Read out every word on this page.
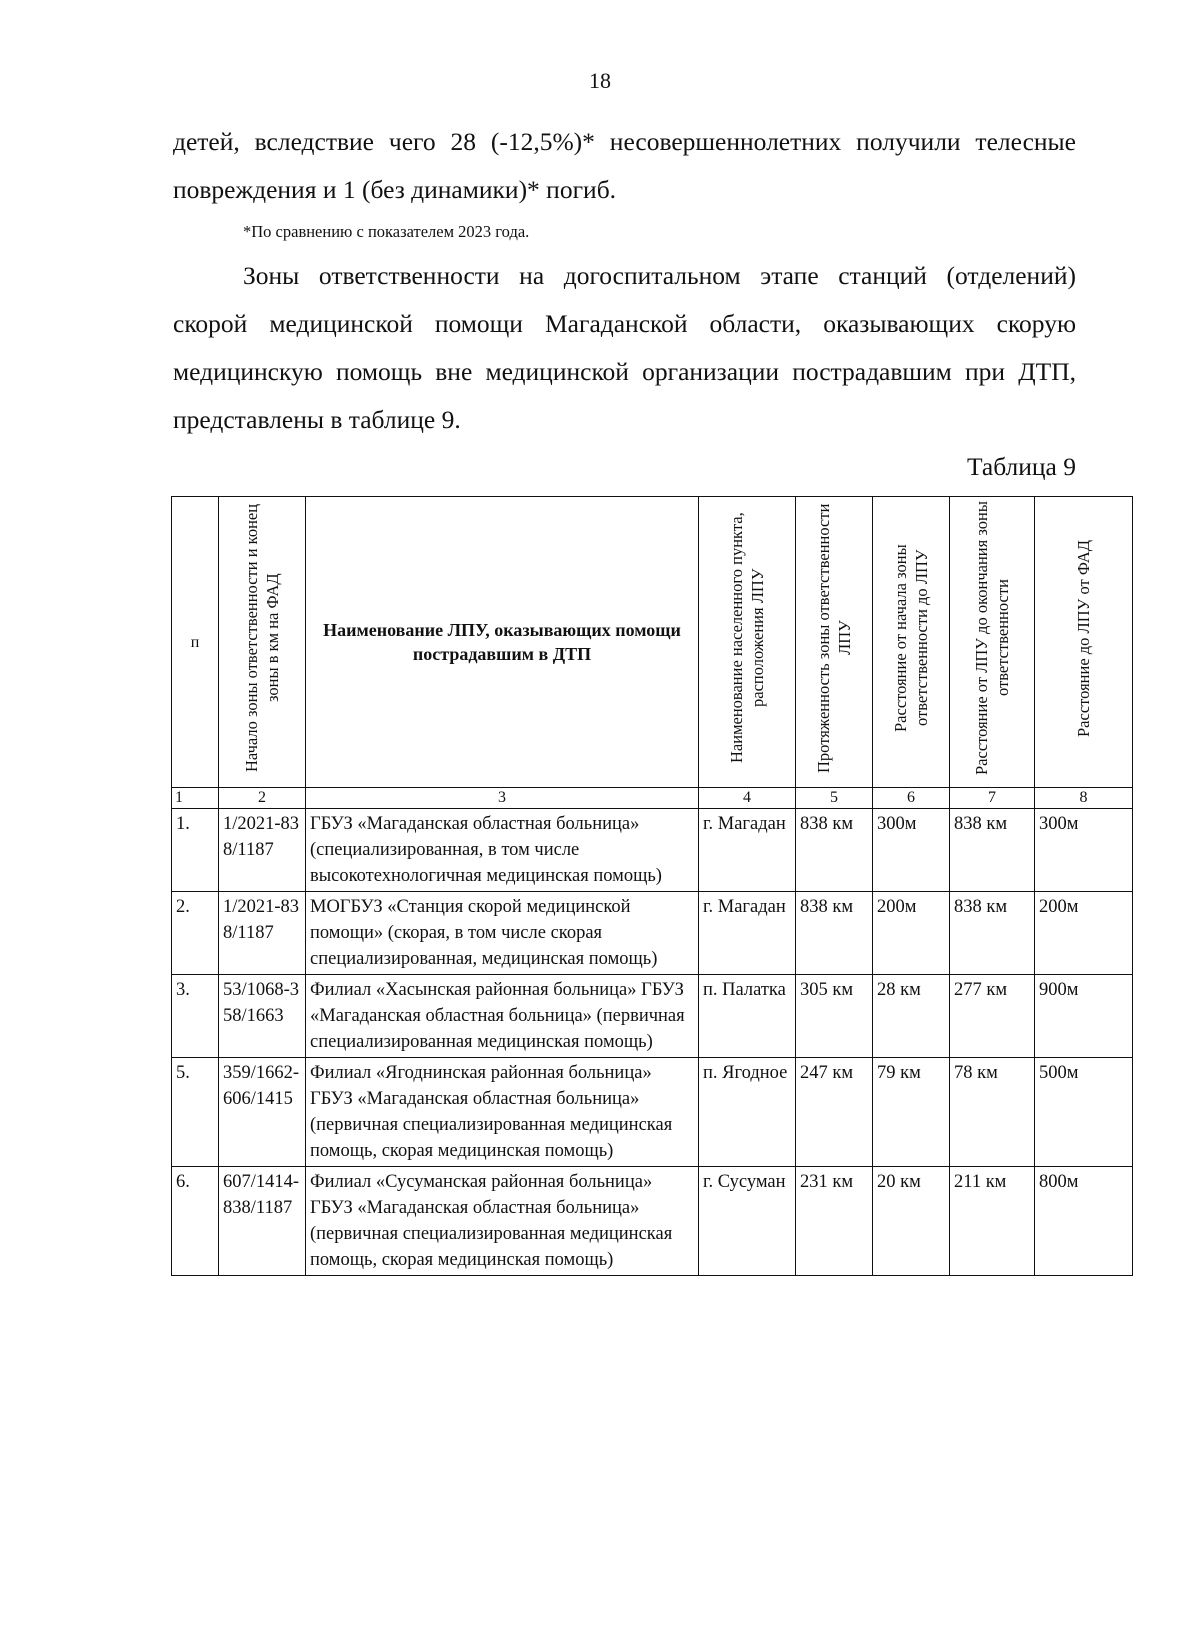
18
детей, вследствие чего 28 (-12,5%)* несовершеннолетних получили телесные повреждения и 1 (без динамики)* погиб.
*По сравнению с показателем 2023 года.
Зоны ответственности на догоспитальном этапе станций (отделений) скорой медицинской помощи Магаданской области, оказывающих скорую медицинскую помощь вне медицинской организации пострадавшим при ДТП, представлены в таблице 9.
Таблица 9
п	Начало зоны ответственности и конец зоны в км на ФАД	Наименование ЛПУ, оказывающих помощи пострадавшим в ДТП	Наименование населенного пункта, расположения ЛПУ	Протяженность зоны ответственности ЛПУ	Расстояние от начала зоны ответственности до ЛПУ	Расстояние от ЛПУ до окончания зоны ответственности	Расстояние до ЛПУ от ФАД
1	2	3	4	5	6	7	8
1.	1/2021-838/1187	ГБУЗ «Магаданская областная больница» (специализированная, в том числе высокотехнологичная медицинская помощь)	г. Магадан	838 км	300м	838 км	300м
2.	1/2021-838/1187	МОГБУЗ «Станция скорой медицинской помощи» (скорая, в том числе скорая специализированная, медицинская помощь)	г. Магадан	838 км	200м	838 км	200м
3.	53/1068-358/1663	Филиал «Хасынская районная больница» ГБУЗ «Магаданская областная больница» (первичная специализированная медицинская помощь)	п. Палатка	305 км	28 км	277 км	900м
5.	359/1662-606/1415	Филиал «Ягоднинская районная больница» ГБУЗ «Магаданская областная больница» (первичная специализированная медицинская помощь, скорая медицинская помощь)	п. Ягодное	247 км	79 км	78 км	500м
6.	607/1414-838/1187	Филиал «Сусуманская районная больница» ГБУЗ «Магаданская областная больница» (первичная специализированная медицинская помощь, скорая медицинская помощь)	г. Сусуман	231 км	20 км	211 км	800м
